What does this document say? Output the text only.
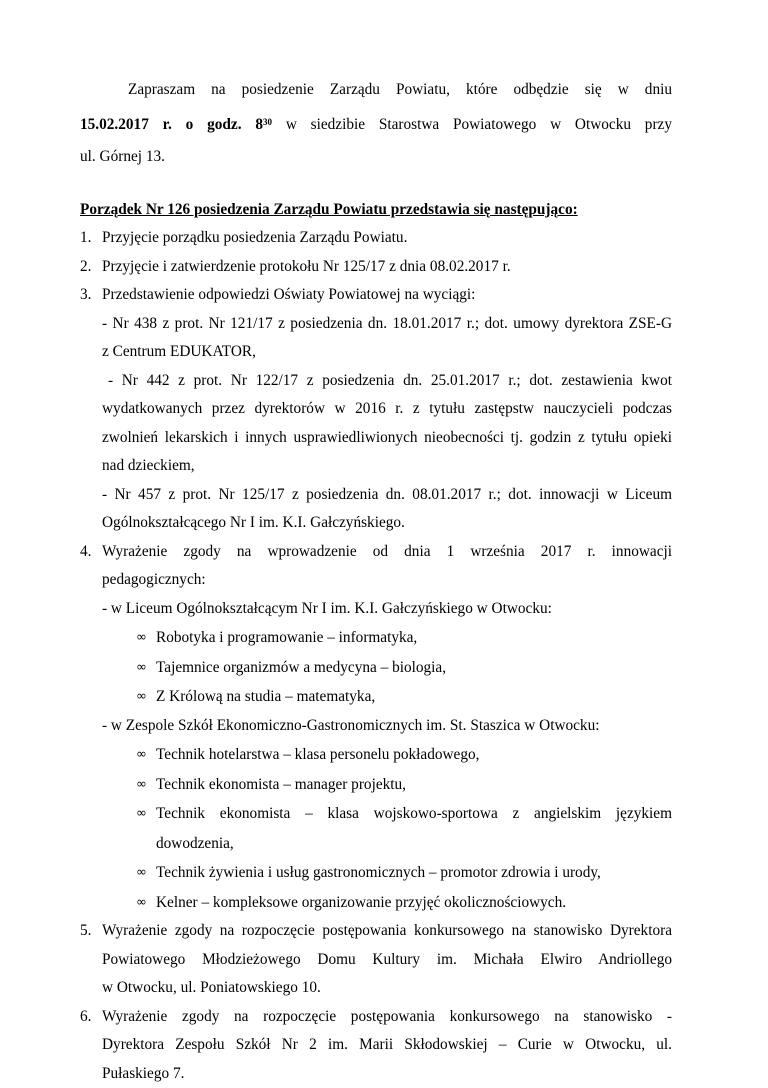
Zapraszam na posiedzenie Zarządu Powiatu, które odbędzie się w dniu

15.02.2017 r. o godz. $8^{30}$ w siedzibie Starostwa Powiatowego w Otwocku przy

ul. Górnej 13.

Porządek Nr 126 posiedzenia Zarządu Powiatu przedstawia się następująco:

1. Przyjęcie porządku posiedzenia Zarządu Powiatu.
2. Przyjęcie i zatwierdzenie protokołu Nr 125/17 z dnia 08.02.2017 r.
3. Przedstawienie odpowiedzi Oświaty Powiatowej na wyciągi:

- Nr 438 z prot. Nr 121/17 z posiedzenia dn. 18.01.2017 r.; dot. umowy dyrektora ZSE-G

z Centrum EDUKATOR,

- Nr 442 z prot. Nr 122/17 z posiedzenia dn. 25.01.2017 r.; dot. zestawienia kwot

wydatkowanych przez dyrektorów w 2016 r. z tytułu zastępstw nauczycieli podczas

zwolnień lekarskich i innych usprawiedliwionych nieobecności tj. godzin z tytułu opieki

nad dzieckiem,

- Nr 457 z prot. Nr 125/17 z posiedzenia dn. 08.01.2017 r.; dot. innowacji w Liceum

Ogólnokształcącego Nr I im. K.I. Gałczyńskiego.

4. Wyrażenie zgody na wprowadzenie od dnia 1 września 2017 r. innowacji

pedagogicznych:

- w Liceum Ogólnokształcącym Nr I im. K.I. Gałczyńskiego w Otwocku:

∞ Robotyka i programowanie – informatyka,
∞ Tajemnice organizmów a medycyna – biologia,
∞ Z Królową na studia – matematyka,

- w Zespole Szkół Ekonomiczno-Gastronomicznych im. St. Staszica w Otwocku:

∞ Technik hotelarstwa – klasa personelu pokładowego,
∞ Technik ekonomista – manager projektu,
∞ Technik ekonomista – klasa wojskowo-sportowa z angielskim językiem
dowodzenia,
∞ Technik żywienia i usług gastronomicznych – promotor zdrowia i urody,
∞ Kelner – kompleksowe organizowanie przyjęć okolicznościowych.
5. Wyrażenie zgody na rozpoczęcie postępowania konkursowego na stanowisko Dyrektora

Powiatowego Młodzieżowego Domu Kultury im. Michała Elwiro Andriollego

w Otwocku, ul. Poniatowskiego 10.

6. Wyrażenie zgody na rozpoczęcie postępowania konkursowego na stanowisko -

Dyrektora Zespołu Szkół Nr 2 im. Marii Skłodowskiej – Curie w Otwocku, ul.

Pułaskiego 7.
